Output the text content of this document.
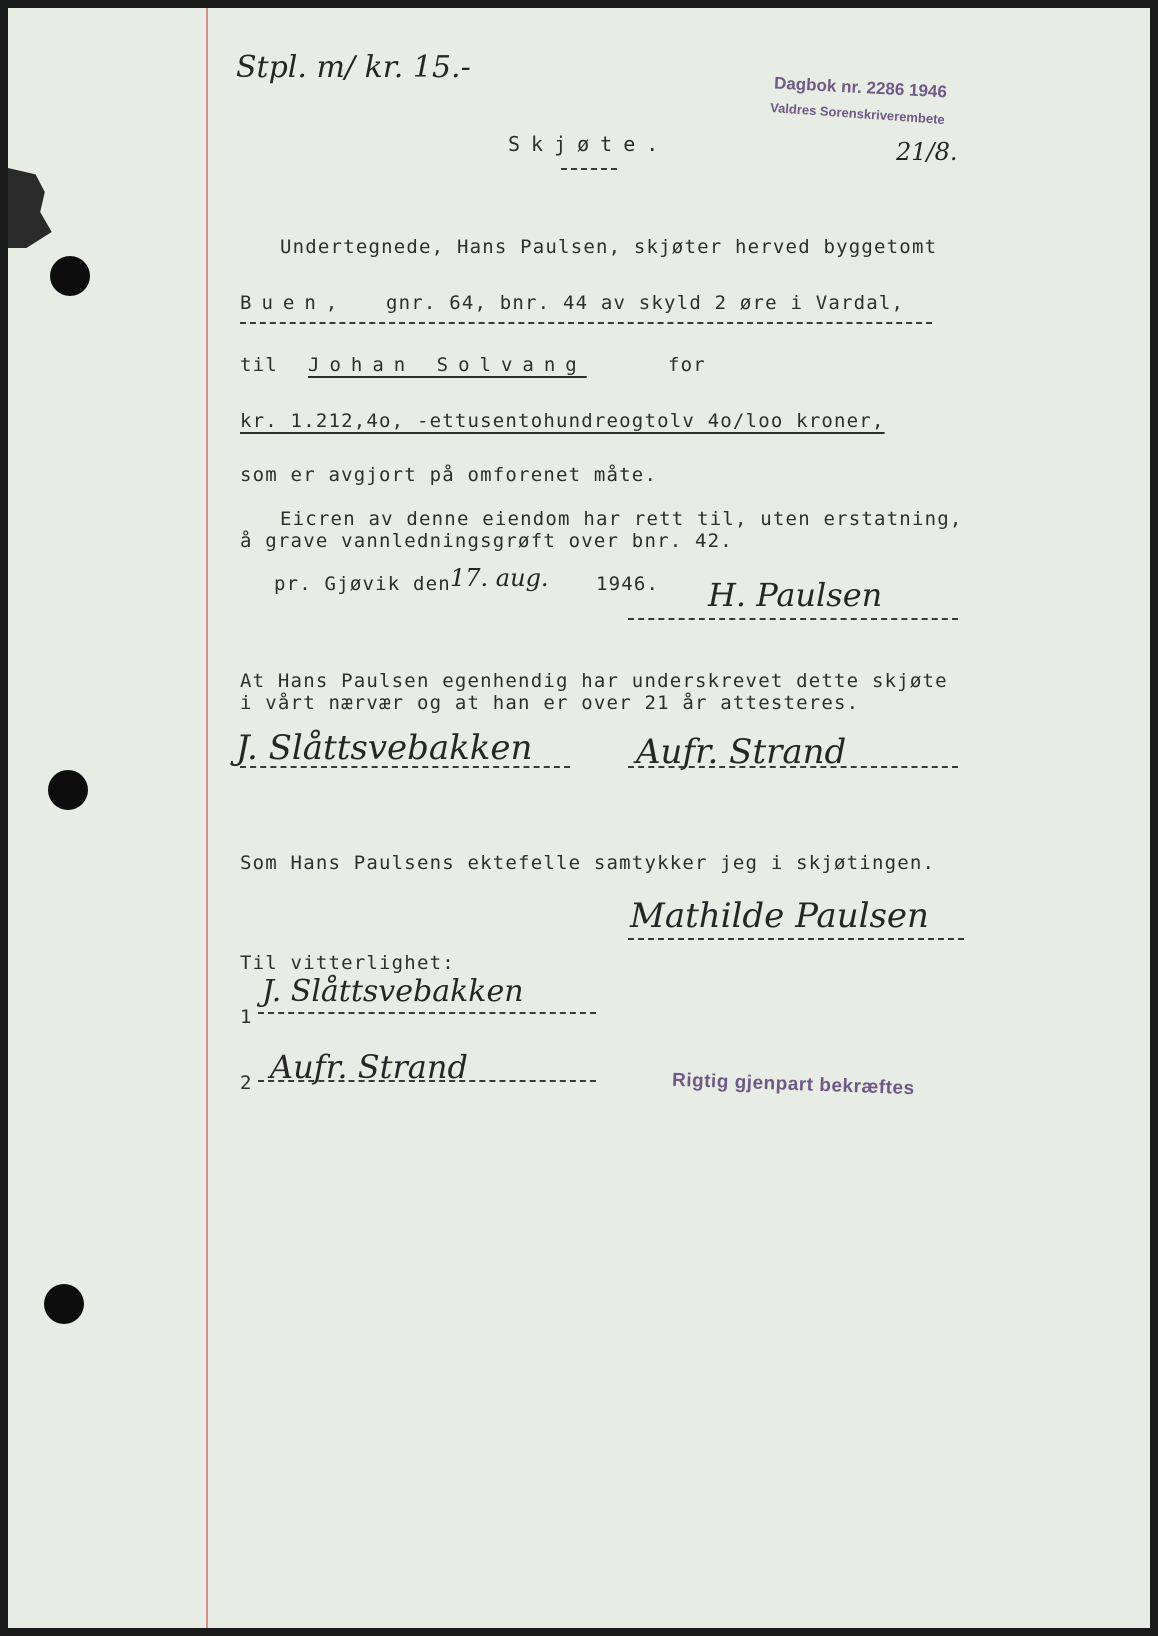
Stpl. m/ kr. 15.-
Dagbok nr. 2286 1946
Valdres Sorenskriverembete
21/8.
Skjøte.
Undertegnede, Hans Paulsen, skjøter herved byggetomt
Buen, gnr. 64, bnr. 44 av skyld 2 øre i Vardal,
til Johan Solvang	for
kr. 1.212,4o, -ettusentohundreogtolv 4o/loo kroner,
som er avgjort på omforenet måte.
Eicren av denne eiendom har rett til, uten erstatning,
å grave vannledningsgrøft over bnr. 42.
pr. Gjøvik den 17. aug. 1946. H. Paulsen
At Hans Paulsen egenhendig har underskrevet dette skjøte
i vårt nærvær og at han er over 21 år attesteres.
J. Slåttsvebakken	Aufr. Strand
Som Hans Paulsens ektefelle samtykker jeg i skjøtingen.
Mathilde Paulsen
Til vitterlighet:
1
J. Slåttsvebakken
2 Aufr. Strand	Rigtig gjenpart bekræftes
